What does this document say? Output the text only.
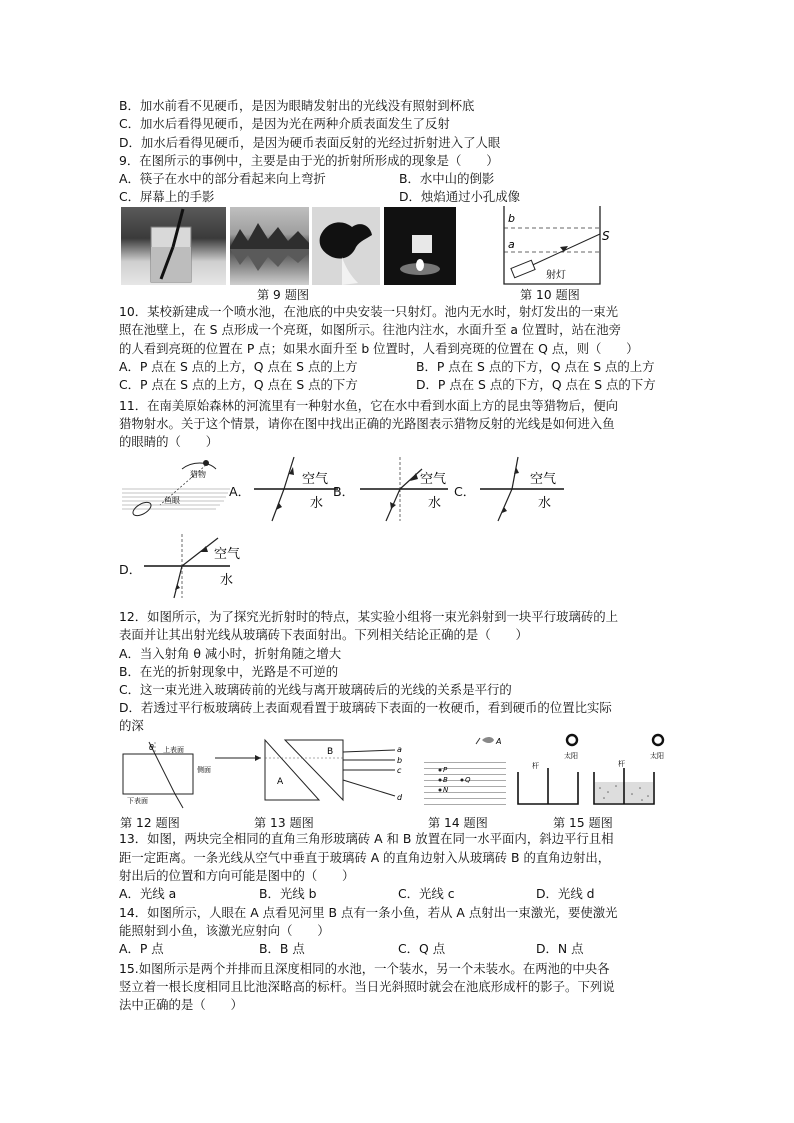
B．加水前看不见硬币，是因为眼睛发射出的光线没有照射到杯底
C．加水后看得见硬币，是因为光在两种介质表面发生了反射
D．加水后看得见硬币，是因为硬币表面反射的光经过折射进入了人眼
9．在图所示的事例中，主要是由于光的折射所形成的现象是（　　）
A．筷子在水中的部分看起来向上弯折	B．水中山的倒影
C．屏幕上的手影	D．烛焰通过小孔成像
第 9 题图
b
a
S
射灯
第 10 题图
10．某校新建成一个喷水池，在池底的中央安装一只射灯。池内无水时，射灯发出的一束光
照在池壁上，在 S 点形成一个亮斑，如图所示。往池内注水，水面升至 a 位置时，站在池旁
的人看到亮斑的位置在 P 点；如果水面升至 b 位置时，人看到亮斑的位置在 Q 点，则（　　）
A．P 点在 S 点的上方，Q 点在 S 点的上方	B．P 点在 S 点的下方，Q 点在 S 点的上方
C．P 点在 S 点的上方，Q 点在 S 点的下方	D．P 点在 S 点的下方，Q 点在 S 点的下方
11．在南美原始森林的河流里有一种射水鱼，它在水中看到水面上方的昆虫等猎物后，便向
猎物射水。关于这个情景，请你在图中找出正确的光路图表示猎物反射的光线是如何进入鱼
的眼睛的（　　）
猎物
鱼眼
A．
空气
水
B．
空气
水
C．
空气
水
D．
空气
水
12．如图所示，为了探究光折射时的特点，某实验小组将一束光斜射到一块平行玻璃砖的上
表面并让其出射光线从玻璃砖下表面射出。下列相关结论正确的是（　　）
A．当入射角 θ 减小时，折射角随之增大
B．在光的折射现象中，光路是不可逆的
C．这一束光进入玻璃砖前的光线与离开玻璃砖后的光线的关系是平行的
D．若透过平行板玻璃砖上表面观看置于玻璃砖下表面的一枚硬币，看到硬币的位置比实际
的深
θ 上表面
侧面
下表面
第 12 题图
A
B	a
b
c
d
第 13 题图
A
P
B Q
N
第 14 题图
太阳	太阳
杆	杆
第 15 题图
13．如图，两块完全相同的直角三角形玻璃砖 A 和 B 放置在同一水平面内，斜边平行且相
距一定距离。一条光线从空气中垂直于玻璃砖 A 的直角边射入从玻璃砖 B 的直角边射出，
射出后的位置和方向可能是图中的（　　）
A．光线 a	B．光线 b	C．光线 c	D．光线 d
14．如图所示，人眼在 A 点看见河里 B 点有一条小鱼，若从 A 点射出一束激光，要使激光
能照射到小鱼，该激光应射向（　　）
A．P 点	B．B 点	C．Q 点	D．N 点
15.如图所示是两个并排而且深度相同的水池，一个装水，另一个未装水。在两池的中央各
竖立着一根长度相同且比池深略高的标杆。当日光斜照时就会在池底形成杆的影子。下列说
法中正确的是（　　）
